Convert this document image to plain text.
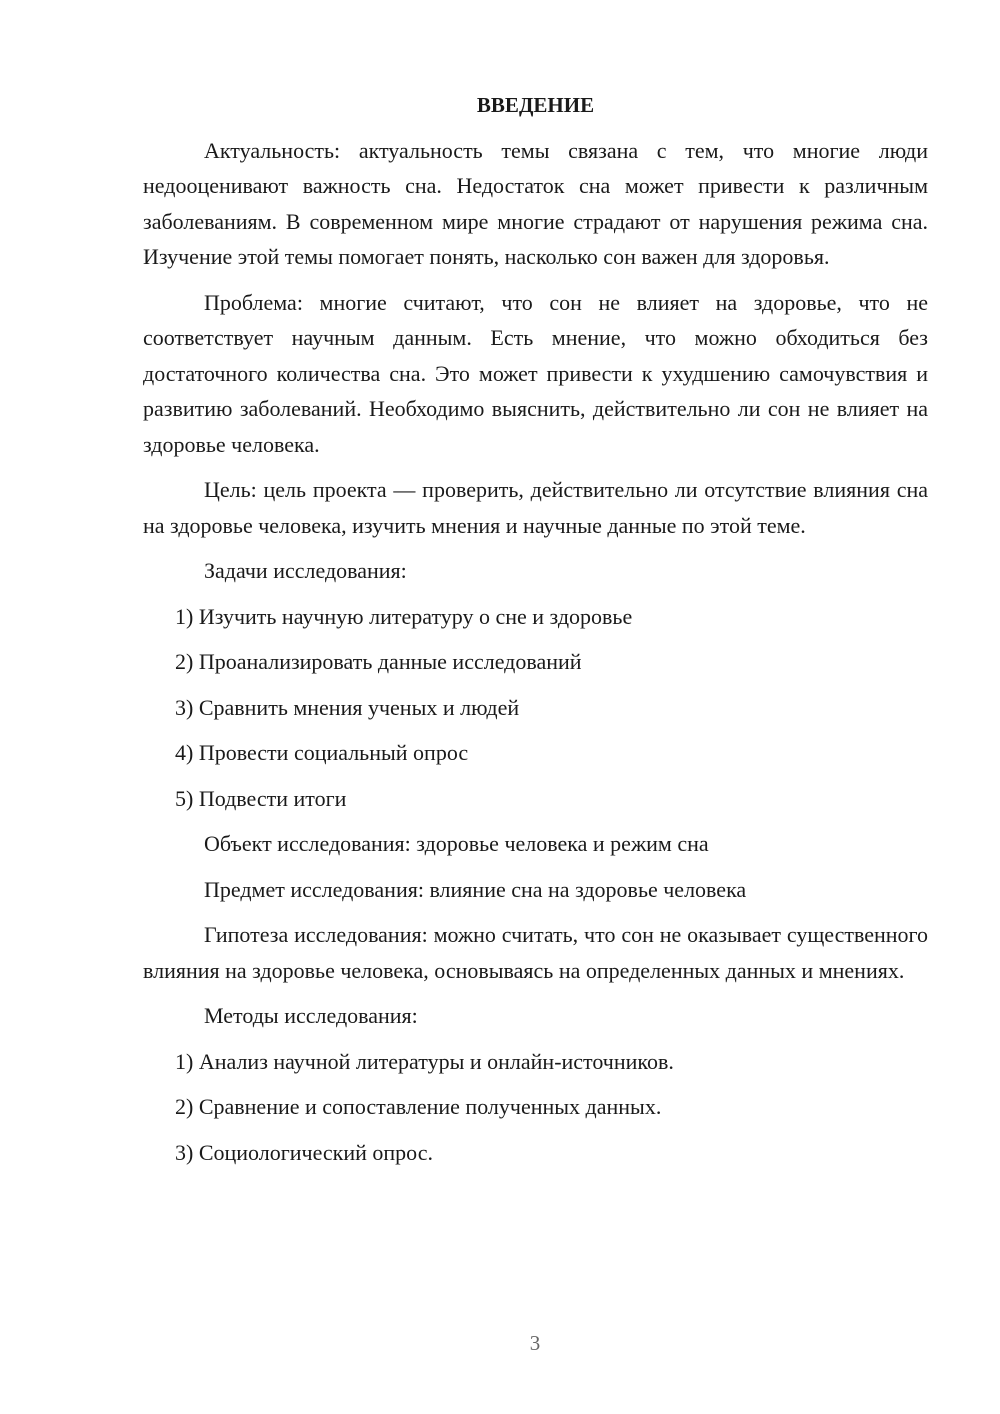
ВВЕДЕНИЕ

Актуальность: актуальность темы связана с тем, что многие люди недооценивают важность сна. Недостаток сна может привести к различным заболеваниям. В современном мире многие страдают от нарушения режима сна. Изучение этой темы помогает понять, насколько сон важен для здоровья.

Проблема: многие считают, что сон не влияет на здоровье, что не соответствует научным данным. Есть мнение, что можно обходиться без достаточного количества сна. Это может привести к ухудшению самочувствия и развитию заболеваний. Необходимо выяснить, действительно ли сон не влияет на здоровье человека.

Цель: цель проекта — проверить, действительно ли отсутствие влияния сна на здоровье человека, изучить мнения и научные данные по этой теме.

Задачи исследования:

1) Изучить научную литературу о сне и здоровье
2) Проанализировать данные исследований
3) Сравнить мнения ученых и людей
4) Провести социальный опрос
5) Подвести итоги

Объект исследования: здоровье человека и режим сна

Предмет исследования: влияние сна на здоровье человека

Гипотеза исследования: можно считать, что сон не оказывает существенного влияния на здоровье человека, основываясь на определенных данных и мнениях.

Методы исследования:

1) Анализ научной литературы и онлайн-источников.
2) Сравнение и сопоставление полученных данных.
3) Социологический опрос.
3
